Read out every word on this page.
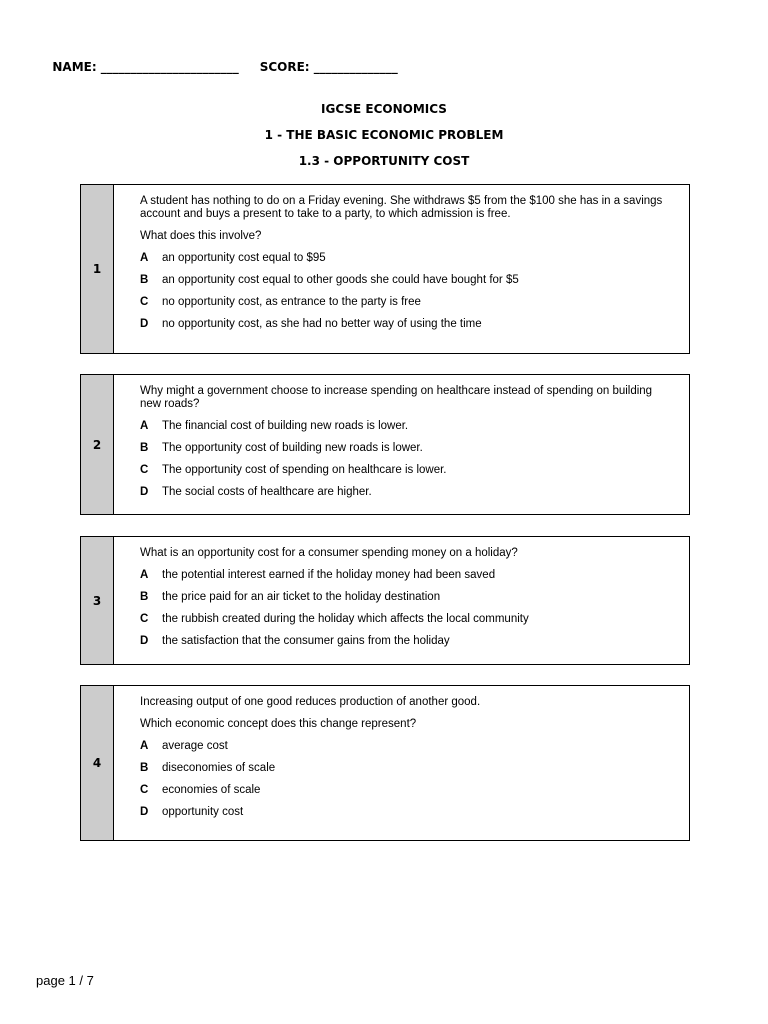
NAME: _______________________ SCORE: ______________

IGCSE ECONOMICS
1 - THE BASIC ECONOMIC PROBLEM
1.3 - OPPORTUNITY COST
1

A student has nothing to do on a Friday evening. She withdraws $5 from the $100 she has in a savings account and buys a present to take to a party, to which admission is free.

What does this involve?

A	an opportunity cost equal to $95
B	an opportunity cost equal to other goods she could have bought for $5
C	no opportunity cost, as entrance to the party is free
D	no opportunity cost, as she had no better way of using the time
2

Why might a government choose to increase spending on healthcare instead of spending on building new roads?

A	The financial cost of building new roads is lower.
B	The opportunity cost of building new roads is lower.
C	The opportunity cost of spending on healthcare is lower.
D	The social costs of healthcare are higher.
3

What is an opportunity cost for a consumer spending money on a holiday?

A	the potential interest earned if the holiday money had been saved
B	the price paid for an air ticket to the holiday destination
C	the rubbish created during the holiday which affects the local community
D	the satisfaction that the consumer gains from the holiday
4

Increasing output of one good reduces production of another good.

Which economic concept does this change represent?

A	average cost
B	diseconomies of scale
C	economies of scale
D	opportunity cost
page 1 / 7
